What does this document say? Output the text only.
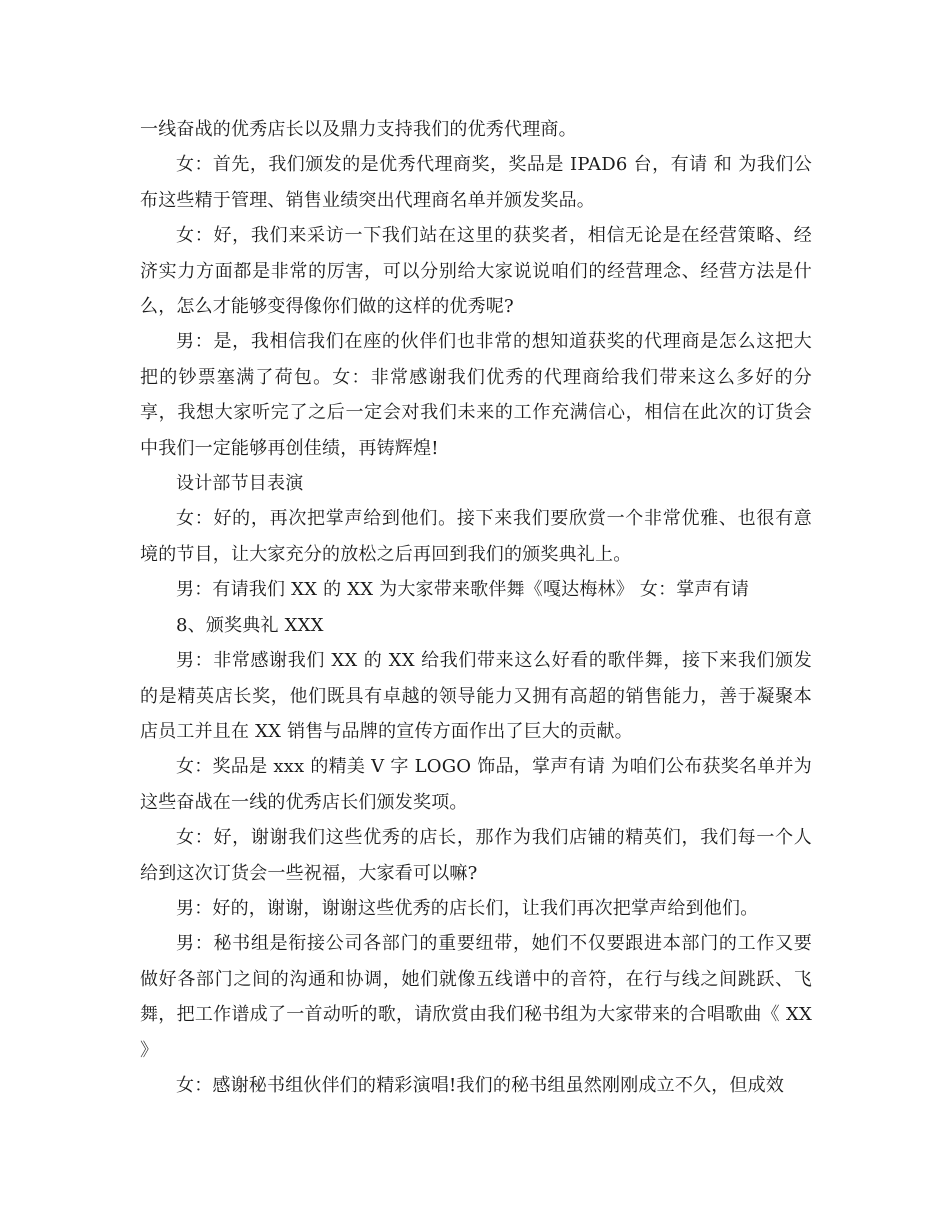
一线奋战的优秀店长以及鼎力支持我们的优秀代理商。

女：首先，我们颁发的是优秀代理商奖，奖品是 IPAD6 台，有请 和 为我们公布这些精于管理、销售业绩突出代理商名单并颁发奖品。

女：好，我们来采访一下我们站在这里的获奖者，相信无论是在经营策略、经济实力方面都是非常的厉害，可以分别给大家说说咱们的经营理念、经营方法是什么，怎么才能够变得像你们做的这样的优秀呢?

男：是，我相信我们在座的伙伴们也非常的想知道获奖的代理商是怎么这把大把的钞票塞满了荷包。女：非常感谢我们优秀的代理商给我们带来这么多好的分享，我想大家听完了之后一定会对我们未来的工作充满信心，相信在此次的订货会中我们一定能够再创佳绩，再铸辉煌!

设计部节目表演

女：好的，再次把掌声给到他们。接下来我们要欣赏一个非常优雅、也很有意境的节目，让大家充分的放松之后再回到我们的颁奖典礼上。

男：有请我们 XX 的 XX 为大家带来歌伴舞《嘎达梅林》 女：掌声有请

8、颁奖典礼 XXX

男：非常感谢我们 XX 的 XX 给我们带来这么好看的歌伴舞，接下来我们颁发的是精英店长奖，他们既具有卓越的领导能力又拥有高超的销售能力，善于凝聚本店员工并且在 XX 销售与品牌的宣传方面作出了巨大的贡献。

女：奖品是 xxx 的精美 V 字 LOGO 饰品，掌声有请 为咱们公布获奖名单并为这些奋战在一线的优秀店长们颁发奖项。

女：好，谢谢我们这些优秀的店长，那作为我们店铺的精英们，我们每一个人给到这次订货会一些祝福，大家看可以嘛?

男：好的，谢谢，谢谢这些优秀的店长们，让我们再次把掌声给到他们。

男：秘书组是衔接公司各部门的重要纽带，她们不仅要跟进本部门的工作又要做好各部门之间的沟通和协调，她们就像五线谱中的音符，在行与线之间跳跃、飞舞，把工作谱成了一首动听的歌，请欣赏由我们秘书组为大家带来的合唱歌曲《 XX 》

女：感谢秘书组伙伴们的精彩演唱!我们的秘书组虽然刚刚成立不久，但成效
